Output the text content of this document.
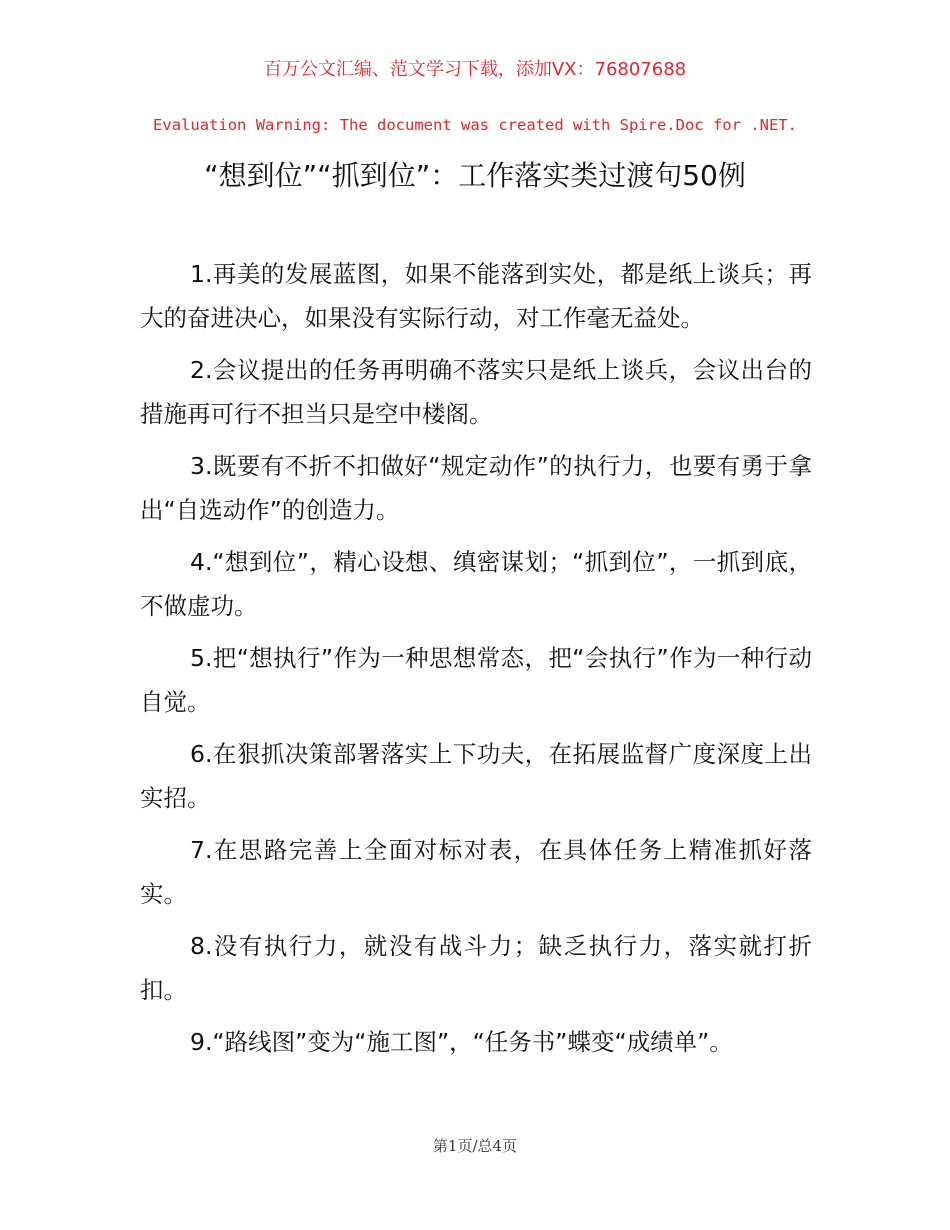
百万公文汇编、范文学习下载，添加VX：76807688

Evaluation Warning: The document was created with Spire.Doc for .NET.

“想到位”“抓到位”：工作落实类过渡句50例
1.再美的发展蓝图，如果不能落到实处，都是纸上谈兵；再大的奋进决心，如果没有实际行动，对工作毫无益处。
2.会议提出的任务再明确不落实只是纸上谈兵，会议出台的措施再可行不担当只是空中楼阁。
3.既要有不折不扣做好“规定动作”的执行力，也要有勇于拿出“自选动作”的创造力。
4.“想到位”，精心设想、缜密谋划；“抓到位”，一抓到底，不做虚功。
5.把“想执行”作为一种思想常态，把“会执行”作为一种行动自觉。
6.在狠抓决策部署落实上下功夫，在拓展监督广度深度上出实招。
7.在思路完善上全面对标对表，在具体任务上精准抓好落实。
8.没有执行力，就没有战斗力；缺乏执行力，落实就打折扣。
9.“路线图”变为“施工图”，“任务书”蝶变“成绩单”。

第1页/总4页
